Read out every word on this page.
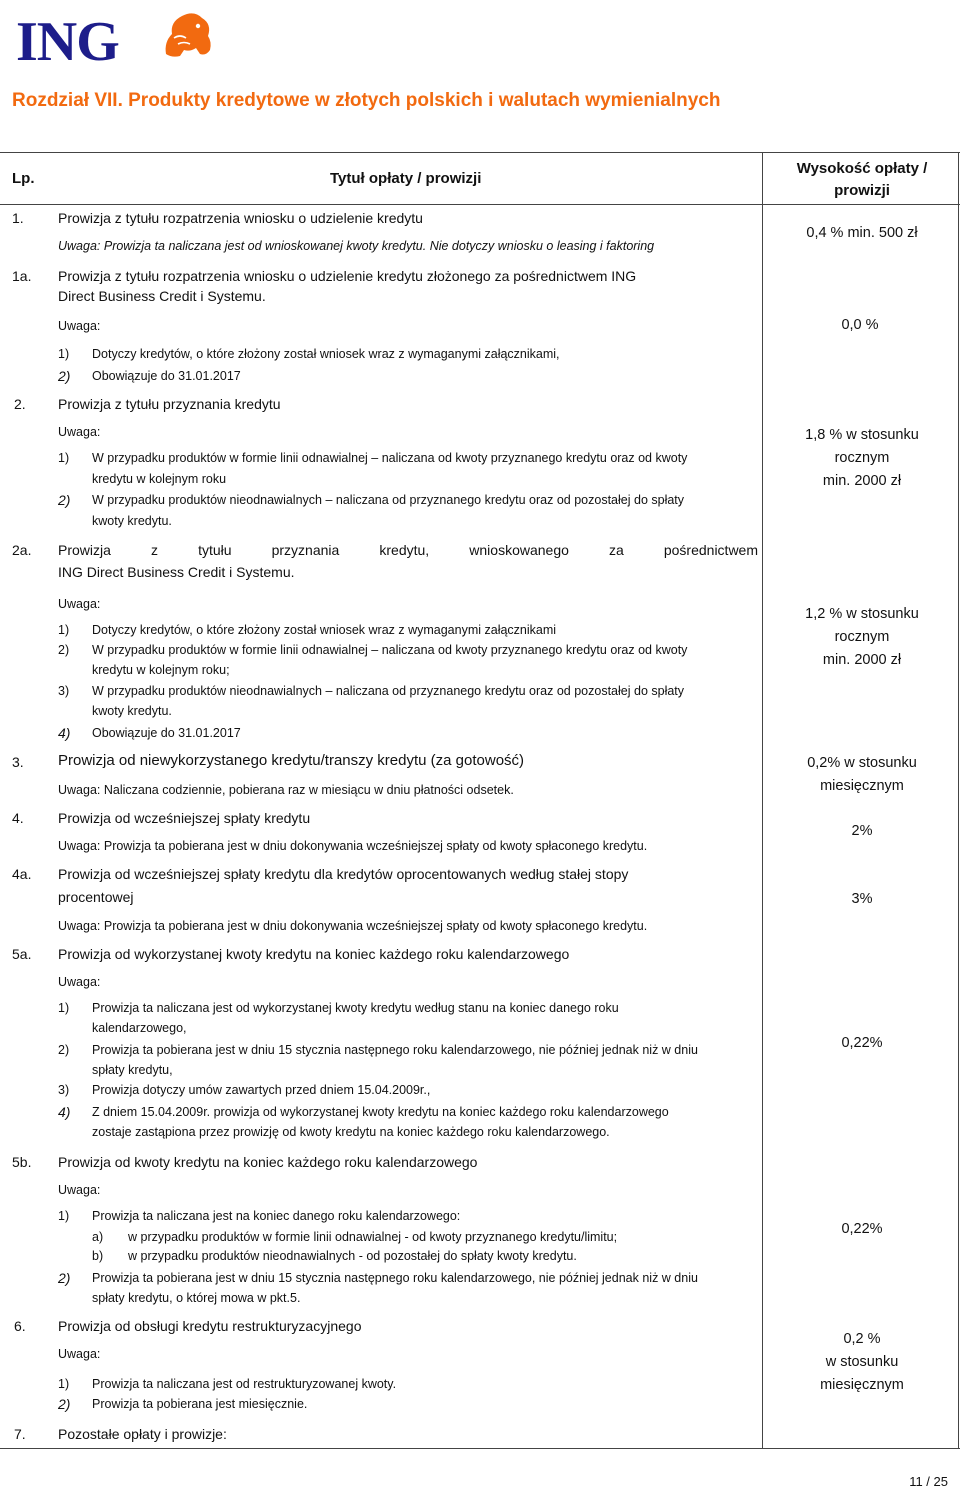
ING
Rozdział VII. Produkty kredytowe w złotych polskich i walutach wymienialnych
Lp.	Tytuł opłaty / prowizji
Wysokość opłaty /
prowizji
1. Prowizja z tytułu rozpatrzenia wniosku o udzielenie kredytu
Uwaga: Prowizja ta naliczana jest od wnioskowanej kwoty kredytu. Nie dotyczy wniosku o leasing i faktoring
0,4 % min. 500 zł
1a. Prowizja z tytułu rozpatrzenia wniosku o udzielenie kredytu złożonego za pośrednictwem ING
Direct Business Credit i Systemu.
Uwaga:
1) Dotyczy kredytów, o które złożony został wniosek wraz z wymaganymi załącznikami,
2) Obowiązuje do 31.01.2017
0,0 %
2. Prowizja z tytułu przyznania kredytu
Uwaga:
1) W przypadku produktów w formie linii odnawialnej – naliczana od kwoty przyznanego kredytu oraz od kwoty
kredytu w kolejnym roku
2) W przypadku produktów nieodnawialnych – naliczana od przyznanego kredytu oraz od pozostałej do spłaty
kwoty kredytu.
1,8 % w stosunku
rocznym
min. 2000 zł
2a. Prowizja z tytułu przyznania kredytu, wnioskowanego za pośrednictwem
ING Direct Business Credit i Systemu.
Uwaga:
1) Dotyczy kredytów, o które złożony został wniosek wraz z wymaganymi załącznikami
2) W przypadku produktów w formie linii odnawialnej – naliczana od kwoty przyznanego kredytu oraz od kwoty
kredytu w kolejnym roku;
3) W przypadku produktów nieodnawialnych – naliczana od przyznanego kredytu oraz od pozostałej do spłaty
kwoty kredytu.
4) Obowiązuje do 31.01.2017
1,2 % w stosunku
rocznym
min. 2000 zł
3. Prowizja od niewykorzystanego kredytu/transzy kredytu (za gotowość)
Uwaga: Naliczana codziennie, pobierana raz w miesiącu w dniu płatności odsetek.
0,2% w stosunku
miesięcznym
4. Prowizja od wcześniejszej spłaty kredytu
Uwaga: Prowizja ta pobierana jest w dniu dokonywania wcześniejszej spłaty od kwoty spłaconego kredytu.
2%
4a. Prowizja od wcześniejszej spłaty kredytu dla kredytów oprocentowanych według stałej stopy
procentowej
Uwaga: Prowizja ta pobierana jest w dniu dokonywania wcześniejszej spłaty od kwoty spłaconego kredytu.
3%
5a. Prowizja od wykorzystanej kwoty kredytu na koniec każdego roku kalendarzowego
Uwaga:
1) Prowizja ta naliczana jest od wykorzystanej kwoty kredytu według stanu na koniec danego roku
kalendarzowego,
2) Prowizja ta pobierana jest w dniu 15 stycznia następnego roku kalendarzowego, nie później jednak niż w dniu
spłaty kredytu,
3) Prowizja dotyczy umów zawartych przed dniem 15.04.2009r.,
4) Z dniem 15.04.2009r. prowizja od wykorzystanej kwoty kredytu na koniec każdego roku kalendarzowego
zostaje zastąpiona przez prowizję od kwoty kredytu na koniec każdego roku kalendarzowego.
0,22%
5b. Prowizja od kwoty kredytu na koniec każdego roku kalendarzowego
Uwaga:
1) Prowizja ta naliczana jest na koniec danego roku kalendarzowego:
a) w przypadku produktów w formie linii odnawialnej - od kwoty przyznanego kredytu/limitu;
b) w przypadku produktów nieodnawialnych - od pozostałej do spłaty kwoty kredytu.
2) Prowizja ta pobierana jest w dniu 15 stycznia następnego roku kalendarzowego, nie później jednak niż w dniu
spłaty kredytu, o której mowa w pkt.5.
0,22%
6. Prowizja od obsługi kredytu restrukturyzacyjnego
Uwaga:
1) Prowizja ta naliczana jest od restrukturyzowanej kwoty.
2) Prowizja ta pobierana jest miesięcznie.
0,2 %
w stosunku
miesięcznym
7. Pozostałe opłaty i prowizje:
11 / 25
